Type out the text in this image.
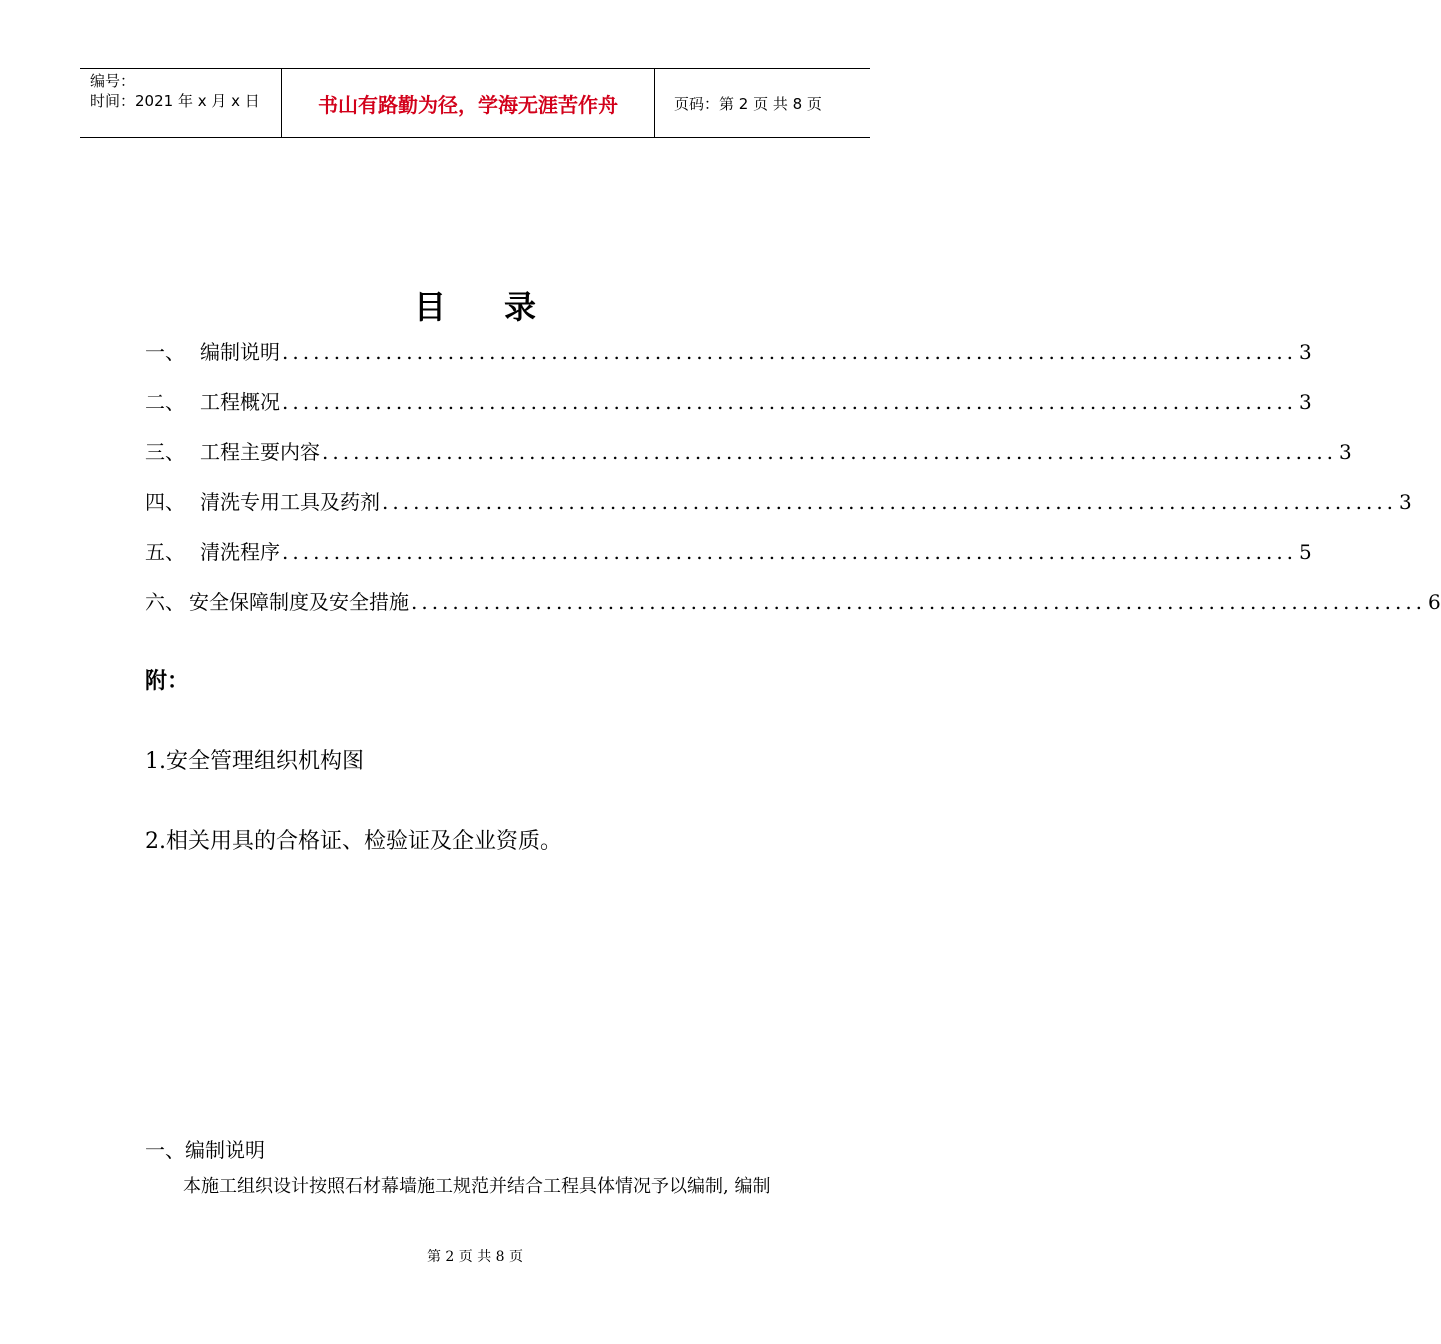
编号：
时间：2021 年 x 月 x 日	书山有路勤为径，学海无涯苦作舟	页码：第 2 页 共 8 页
目 录
一、 编制说明 .................................................................................................. 3
二、 工程概况 .................................................................................................. 3
三、 工程主要内容 .................................................................................................. 3
四、 清洗专用工具及药剂 .................................................................................................. 3
五、 清洗程序 .................................................................................................. 5
六、 安全保障制度及安全措施 .................................................................................................. 6
附：
1.安全管理组织机构图
2.相关用具的合格证、检验证及企业资质。
一、编制说明
本施工组织设计按照石材幕墙施工规范并结合工程具体情况予以编制, 编制
第 2 页 共 8 页
